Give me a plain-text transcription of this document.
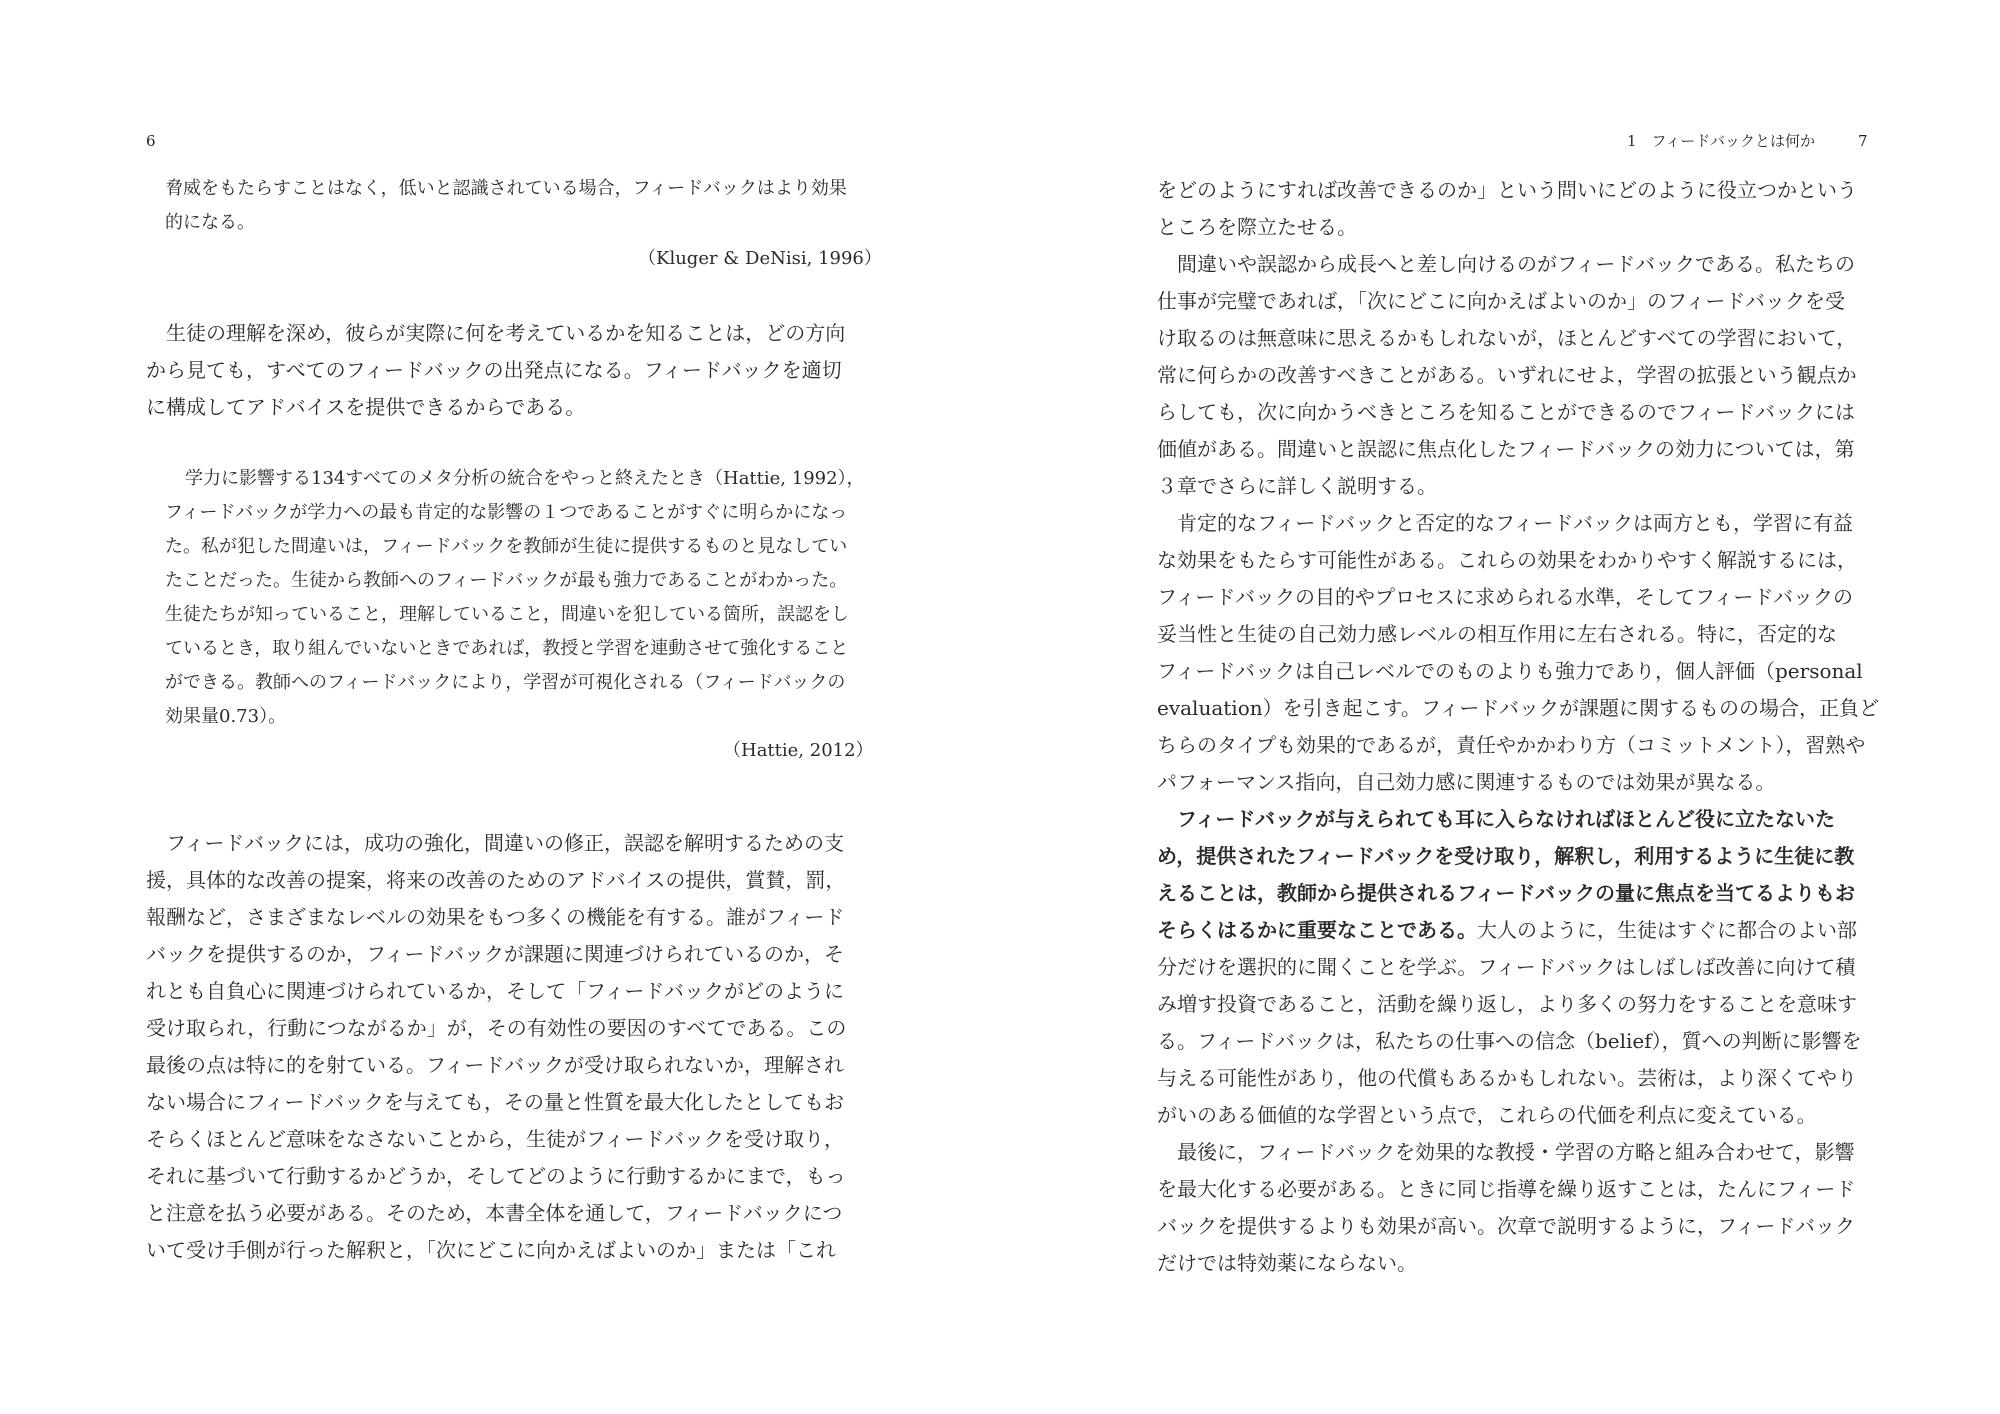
6
脅威をもたらすことはなく，低いと認識されている場合，フィードバックはより効果
的になる。
（Kluger & DeNisi, 1996）
生徒の理解を深め，彼らが実際に何を考えているかを知ることは，どの方向
から見ても，すべてのフィードバックの出発点になる。フィードバックを適切
に構成してアドバイスを提供できるからである。
学力に影響する134すべてのメタ分析の統合をやっと終えたとき（Hattie, 1992），
フィードバックが学力への最も肯定的な影響の１つであることがすぐに明らかになっ
た。私が犯した間違いは，フィードバックを教師が生徒に提供するものと見なしてい
たことだった。生徒から教師へのフィードバックが最も強力であることがわかった。
生徒たちが知っていること，理解していること，間違いを犯している箇所，誤認をし
ているとき，取り組んでいないときであれば，教授と学習を連動させて強化すること
ができる。教師へのフィードバックにより，学習が可視化される（フィードバックの
効果量0.73）。
（Hattie, 2012）
フィードバックには，成功の強化，間違いの修正，誤認を解明するための支
援，具体的な改善の提案，将来の改善のためのアドバイスの提供，賞賛，罰，
報酬など，さまざまなレベルの効果をもつ多くの機能を有する。誰がフィード
バックを提供するのか，フィードバックが課題に関連づけられているのか，そ
れとも自負心に関連づけられているか，そして「フィードバックがどのように
受け取られ，行動につながるか」が，その有効性の要因のすべてである。この
最後の点は特に的を射ている。フィードバックが受け取られないか，理解され
ない場合にフィードバックを与えても，その量と性質を最大化したとしてもお
そらくほとんど意味をなさないことから，生徒がフィードバックを受け取り，
それに基づいて行動するかどうか，そしてどのように行動するかにまで，もっ
と注意を払う必要がある。そのため，本書全体を通して，フィードバックにつ
いて受け手側が行った解釈と，「次にどこに向かえばよいのか」または「これ
1　フィードバックとは何か	7
をどのようにすれば改善できるのか」という問いにどのように役立つかという
ところを際立たせる。
間違いや誤認から成長へと差し向けるのがフィードバックである。私たちの
仕事が完璧であれば，「次にどこに向かえばよいのか」のフィードバックを受
け取るのは無意味に思えるかもしれないが，ほとんどすべての学習において，
常に何らかの改善すべきことがある。いずれにせよ，学習の拡張という観点か
らしても，次に向かうべきところを知ることができるのでフィードバックには
価値がある。間違いと誤認に焦点化したフィードバックの効力については，第
３章でさらに詳しく説明する。
肯定的なフィードバックと否定的なフィードバックは両方とも，学習に有益
な効果をもたらす可能性がある。これらの効果をわかりやすく解説するには，
フィードバックの目的やプロセスに求められる水準，そしてフィードバックの
妥当性と生徒の自己効力感レベルの相互作用に左右される。特に，否定的な
フィードバックは自己レベルでのものよりも強力であり，個人評価（personal
evaluation）を引き起こす。フィードバックが課題に関するものの場合，正負ど
ちらのタイプも効果的であるが，責任やかかわり方（コミットメント），習熟や
パフォーマンス指向，自己効力感に関連するものでは効果が異なる。
フィードバックが与えられても耳に入らなければほとんど役に立たないた
め，提供されたフィードバックを受け取り，解釈し，利用するように生徒に教
えることは，教師から提供されるフィードバックの量に焦点を当てるよりもお
そらくはるかに重要なことである。大人のように，生徒はすぐに都合のよい部
分だけを選択的に聞くことを学ぶ。フィードバックはしばしば改善に向けて積
み増す投資であること，活動を繰り返し，より多くの努力をすることを意味す
る。フィードバックは，私たちの仕事への信念（belief），質への判断に影響を
与える可能性があり，他の代償もあるかもしれない。芸術は，より深くてやり
がいのある価値的な学習という点で，これらの代価を利点に変えている。
最後に，フィードバックを効果的な教授・学習の方略と組み合わせて，影響
を最大化する必要がある。ときに同じ指導を繰り返すことは，たんにフィード
バックを提供するよりも効果が高い。次章で説明するように，フィードバック
だけでは特効薬にならない。
